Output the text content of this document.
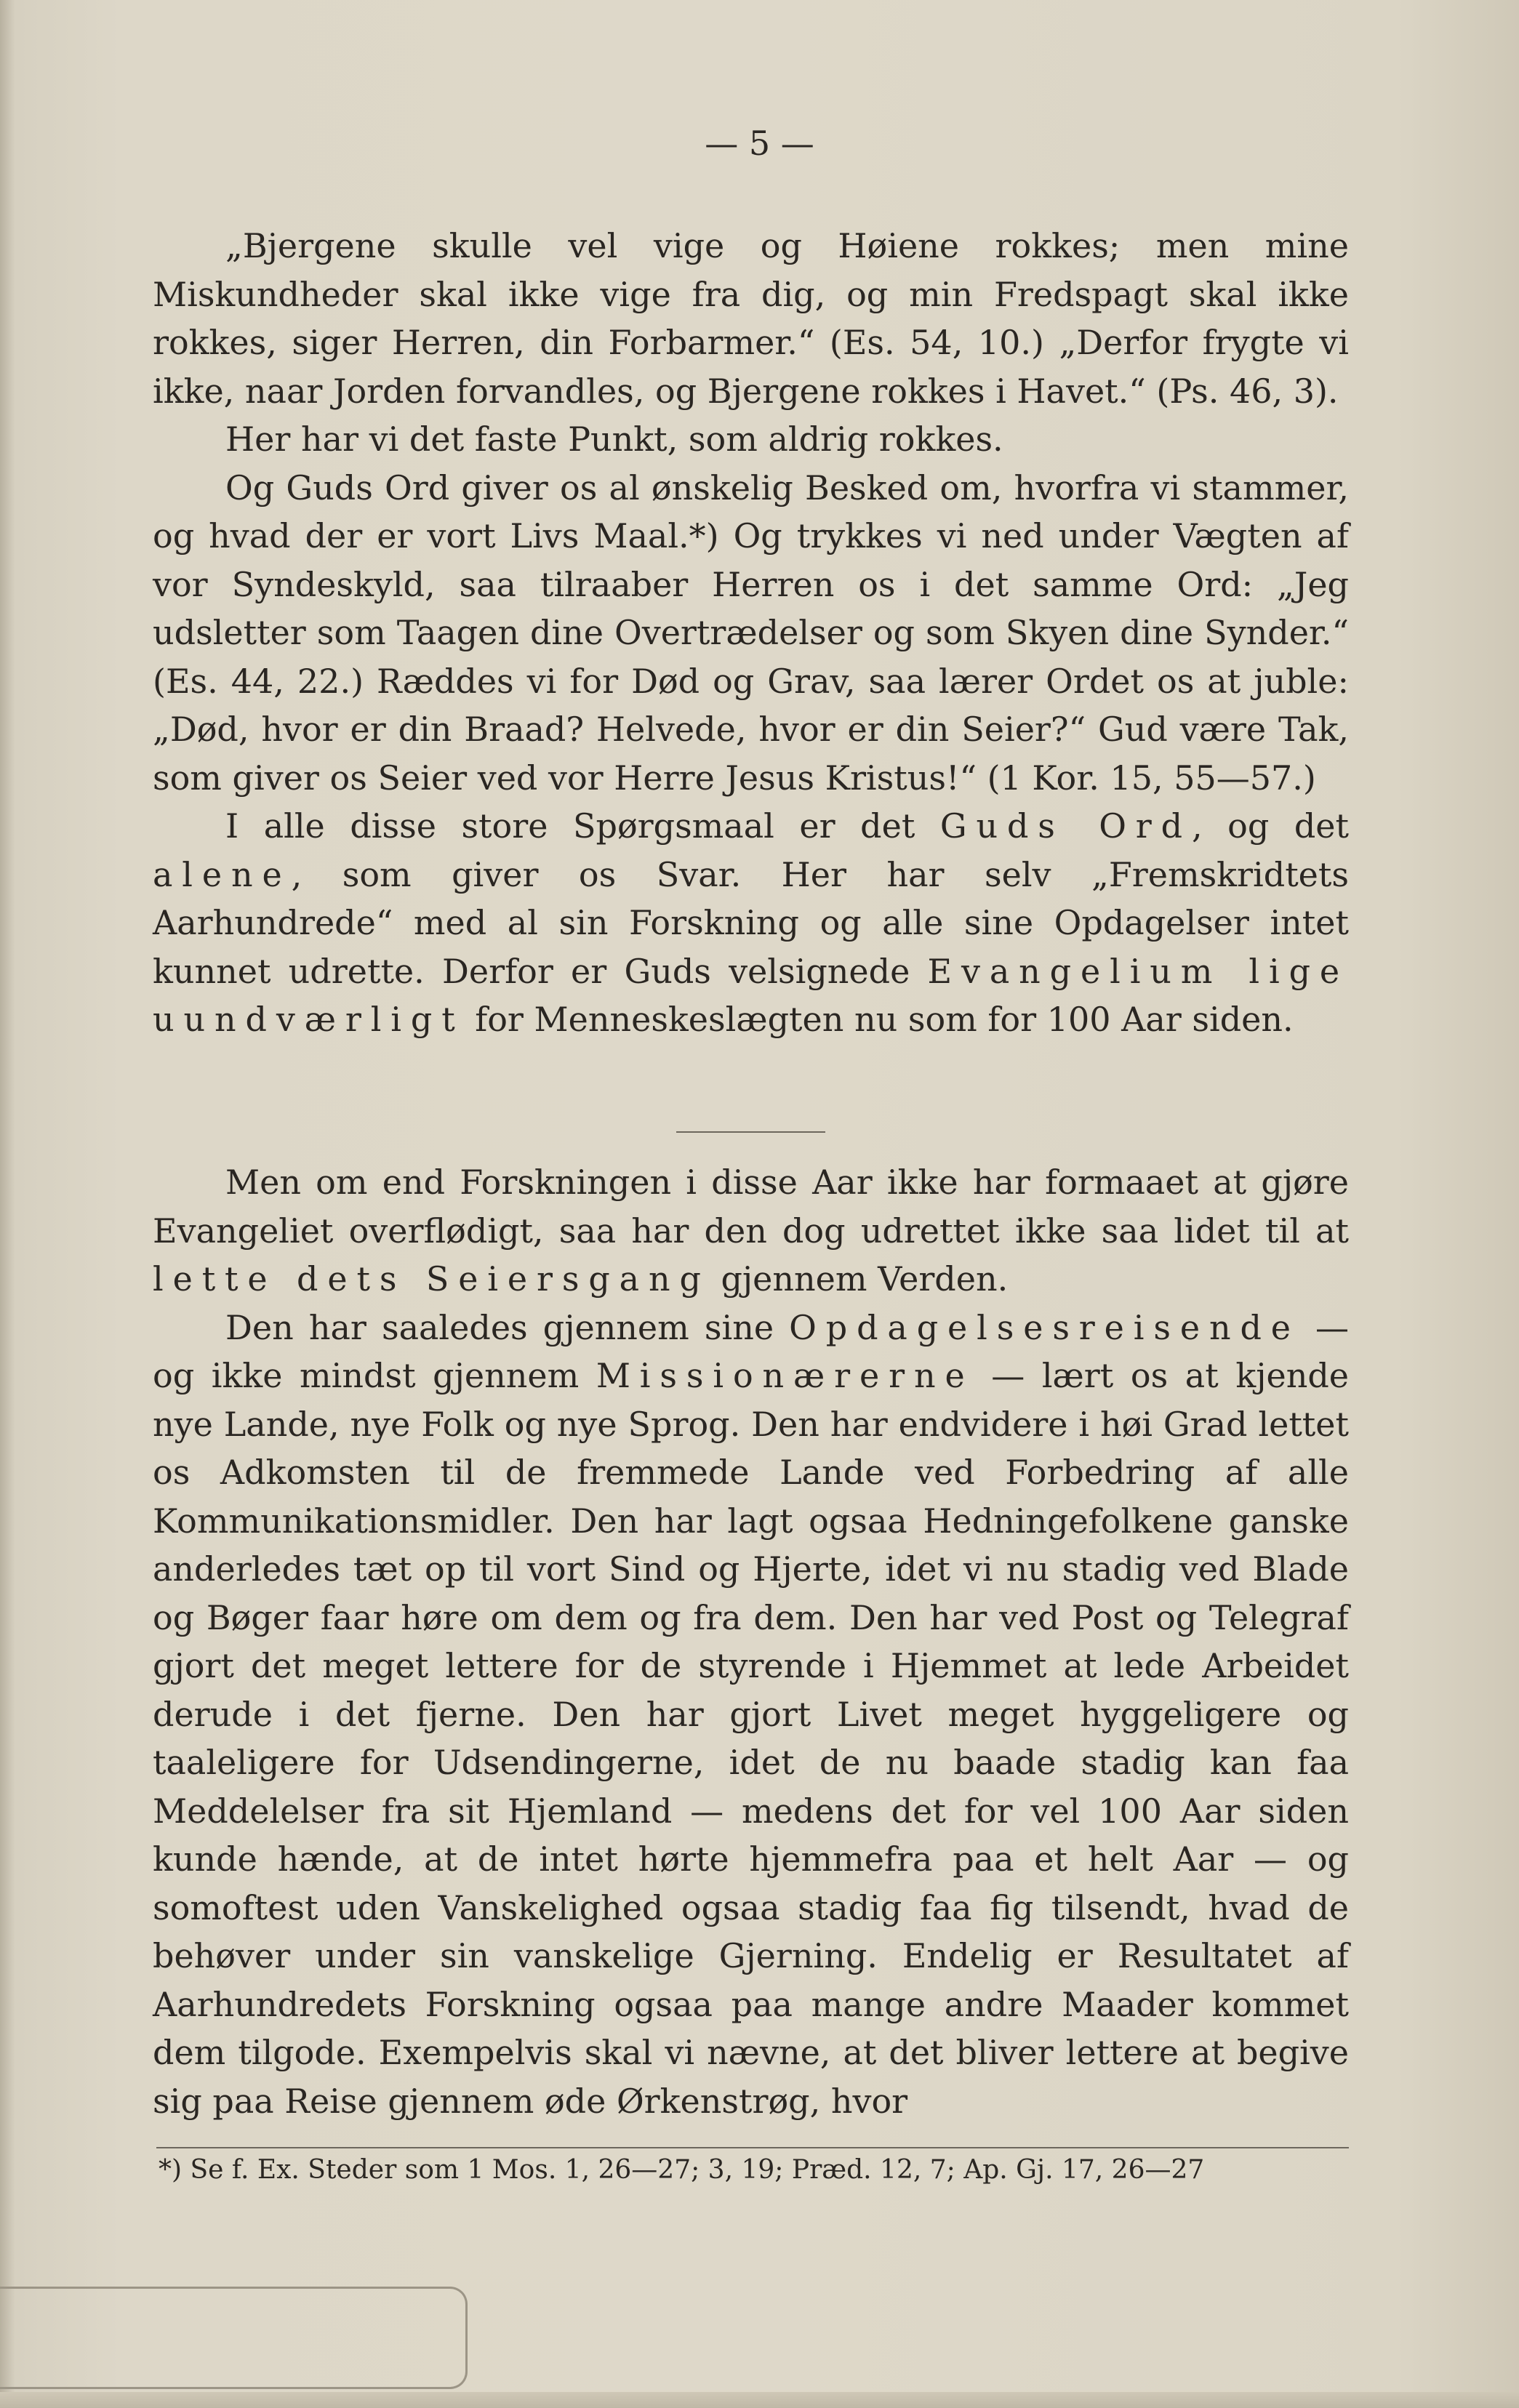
— 5 —

„Bjergene skulle vel vige og Høiene rokkes; men mine Miskundheder skal ikke vige fra dig, og min Fredspagt skal ikke rokkes, siger Herren, din Forbarmer.“ (Es. 54, 10.) „Derfor frygte vi ikke, naar Jorden forvandles, og Bjergene rokkes i Havet.“ (Ps. 46, 3).

Her har vi det faste Punkt, som aldrig rokkes.

Og Guds Ord giver os al ønskelig Besked om, hvorfra vi stammer, og hvad der er vort Livs Maal.*) Og trykkes vi ned under Vægten af vor Syndeskyld, saa tilraaber Herren os i det samme Ord: „Jeg udsletter som Taagen dine Overtrædelser og som Skyen dine Synder.“ (Es. 44, 22.) Ræddes vi for Død og Grav, saa lærer Ordet os at juble: „Død, hvor er din Braad? Helvede, hvor er din Seier?“ Gud være Tak, som giver os Seier ved vor Herre Jesus Kristus!“ (1 Kor. 15, 55—57.)

I alle disse store Spørgsmaal er det Guds Ord, og det alene, som giver os Svar. Her har selv „Fremskridtets Aarhundrede“ med al sin Forskning og alle sine Opdagelser intet kunnet udrette. Derfor er Guds velsignede Evangelium lige uundværligt for Menneskeslægten nu som for 100 Aar siden.

Men om end Forskningen i disse Aar ikke har formaaet at gjøre Evangeliet overflødigt, saa har den dog udrettet ikke saa lidet til at lette dets Seiersgang gjennem Verden.

Den har saaledes gjennem sine Opdagelsesreisende — og ikke mindst gjennem Missionærerne — lært os at kjende nye Lande, nye Folk og nye Sprog. Den har endvidere i høi Grad lettet os Adkomsten til de fremmede Lande ved Forbedring af alle Kommunikationsmidler. Den har lagt ogsaa Hedningefolkene ganske anderledes tæt op til vort Sind og Hjerte, idet vi nu stadig ved Blade og Bøger faar høre om dem og fra dem. Den har ved Post og Telegraf gjort det meget lettere for de styrende i Hjemmet at lede Arbeidet derude i det fjerne. Den har gjort Livet meget hyggeligere og taaleligere for Udsendingerne, idet de nu baade stadig kan faa Meddelelser fra sit Hjemland — medens det for vel 100 Aar siden kunde hænde, at de intet hørte hjemmefra paa et helt Aar — og somoftest uden Vanskelighed ogsaa stadig faa fig tilsendt, hvad de behøver under sin vanskelige Gjerning. Endelig er Resultatet af Aarhundredets Forskning ogsaa paa mange andre Maader kommet dem tilgode. Exempelvis skal vi nævne, at det bliver lettere at begive sig paa Reise gjennem øde Ørkenstrøg, hvor

*) Se f. Ex. Steder som 1 Mos. 1, 26—27; 3, 19; Præd. 12, 7; Ap. Gj. 17, 26—27
